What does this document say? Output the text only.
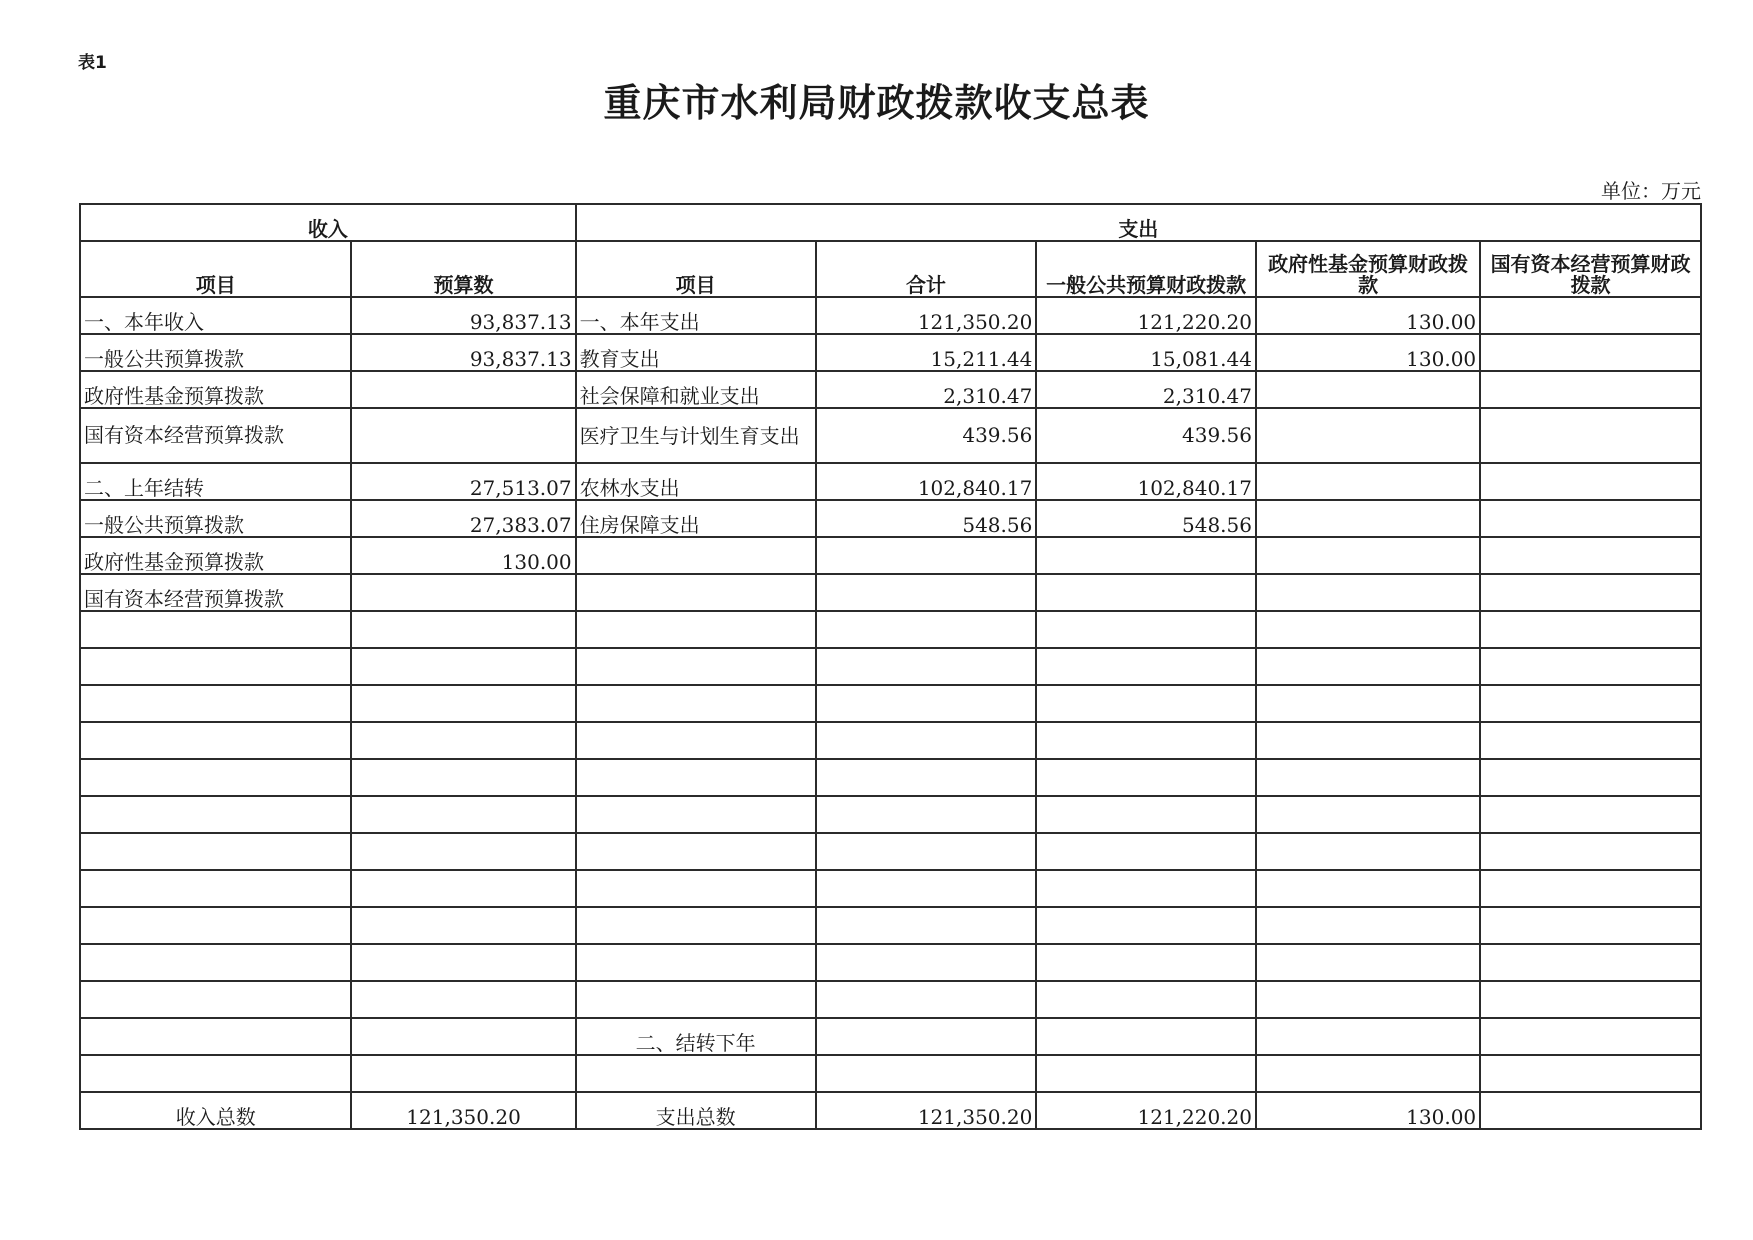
表1
重庆市水利局财政拨款收支总表
单位：万元
收入		支出				
项目	预算数	项目	合计	一般公共预算财政拨款	政府性基金预算财政拨款	国有资本经营预算财政拨款
一、本年收入	93,837.13	一、本年支出	121,350.20	121,220.20	130.00	
一般公共预算拨款	93,837.13	教育支出	15,211.44	15,081.44	130.00	
政府性基金预算拨款		社会保障和就业支出	2,310.47	2,310.47		
国有资本经营预算拨款		医疗卫生与计划生育支出	439.56	439.56		
二、上年结转	27,513.07	农林水支出	102,840.17	102,840.17		
一般公共预算拨款	27,383.07	住房保障支出	548.56	548.56		
政府性基金预算拨款	130.00					
国有资本经营预算拨款						

		二、结转下年				

收入总数	121,350.20	支出总数	121,350.20	121,220.20	130.00	
